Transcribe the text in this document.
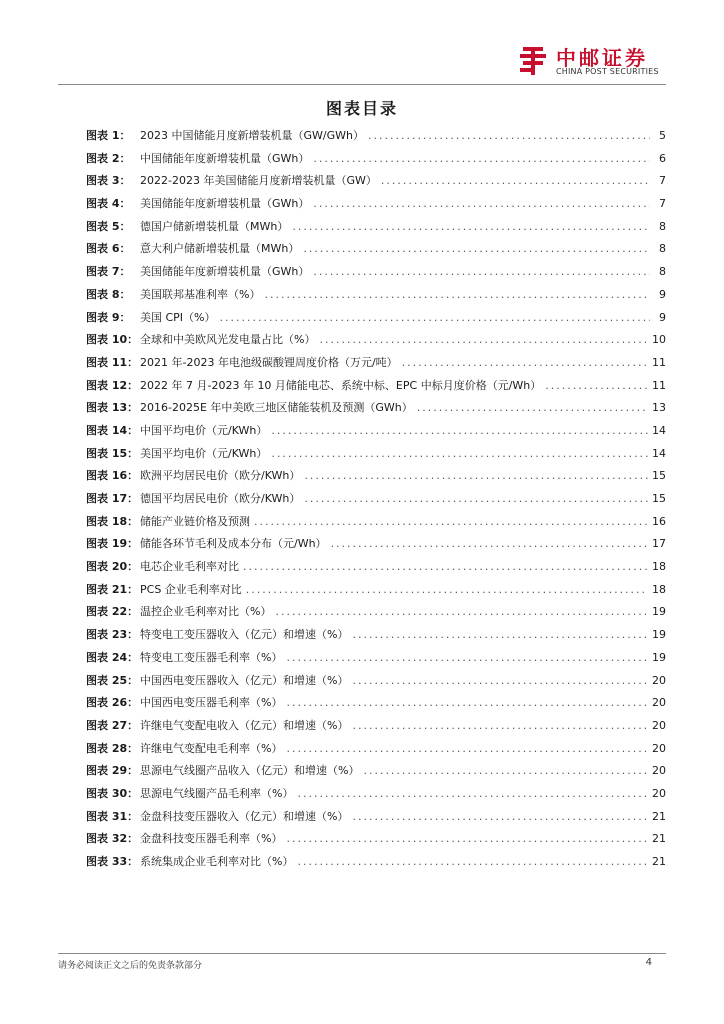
中邮证券
CHINA POST SECURITIES
图表目录
图表 1： 2023 中国储能月度新增装机量（GW/GWh） .....	5
图表 2： 中国储能年度新增装机量（GWh） .....	6
图表 3： 2022-2023 年美国储能月度新增装机量（GW） .....	7
图表 4： 美国储能年度新增装机量（GWh） .....	7
图表 5： 德国户储新增装机量（MWh） .....	8
图表 6： 意大利户储新增装机量（MWh） .....	8
图表 7： 美国储能年度新增装机量（GWh） .....	8
图表 8： 美国联邦基准利率（%） .....	9
图表 9： 美国 CPI（%） .....	9
图表 10： 全球和中美欧风光发电量占比（%） .....	10
图表 11： 2021 年-2023 年电池级碳酸锂周度价格（万元/吨） .....	11
图表 12： 2022 年 7 月-2023 年 10 月储能电芯、系统中标、EPC 中标月度价格（元/Wh） .....	11
图表 13： 2016-2025E 年中美欧三地区储能装机及预测（GWh） .....	13
图表 14： 中国平均电价（元/KWh） .....	14
图表 15： 美国平均电价（元/KWh） .....	14
图表 16： 欧洲平均居民电价（欧分/KWh） .....	15
图表 17： 德国平均居民电价（欧分/KWh） .....	15
图表 18： 储能产业链价格及预测 .....	16
图表 19： 储能各环节毛利及成本分布（元/Wh） .....	17
图表 20： 电芯企业毛利率对比 .....	18
图表 21： PCS 企业毛利率对比 .....	18
图表 22： 温控企业毛利率对比（%） .....	19
图表 23： 特变电工变压器收入（亿元）和增速（%） .....	19
图表 24： 特变电工变压器毛利率（%） .....	19
图表 25： 中国西电变压器收入（亿元）和增速（%） .....	20
图表 26： 中国西电变压器毛利率（%） .....	20
图表 27： 许继电气变配电收入（亿元）和增速（%） .....	20
图表 28： 许继电气变配电毛利率（%） .....	20
图表 29： 思源电气线圈产品收入（亿元）和增速（%） .....	20
图表 30： 思源电气线圈产品毛利率（%） .....	20
图表 31： 金盘科技变压器收入（亿元）和增速（%） .....	21
图表 32： 金盘科技变压器毛利率（%） .....	21
图表 33： 系统集成企业毛利率对比（%） .....	21
请务必阅读正文之后的免责条款部分	4
